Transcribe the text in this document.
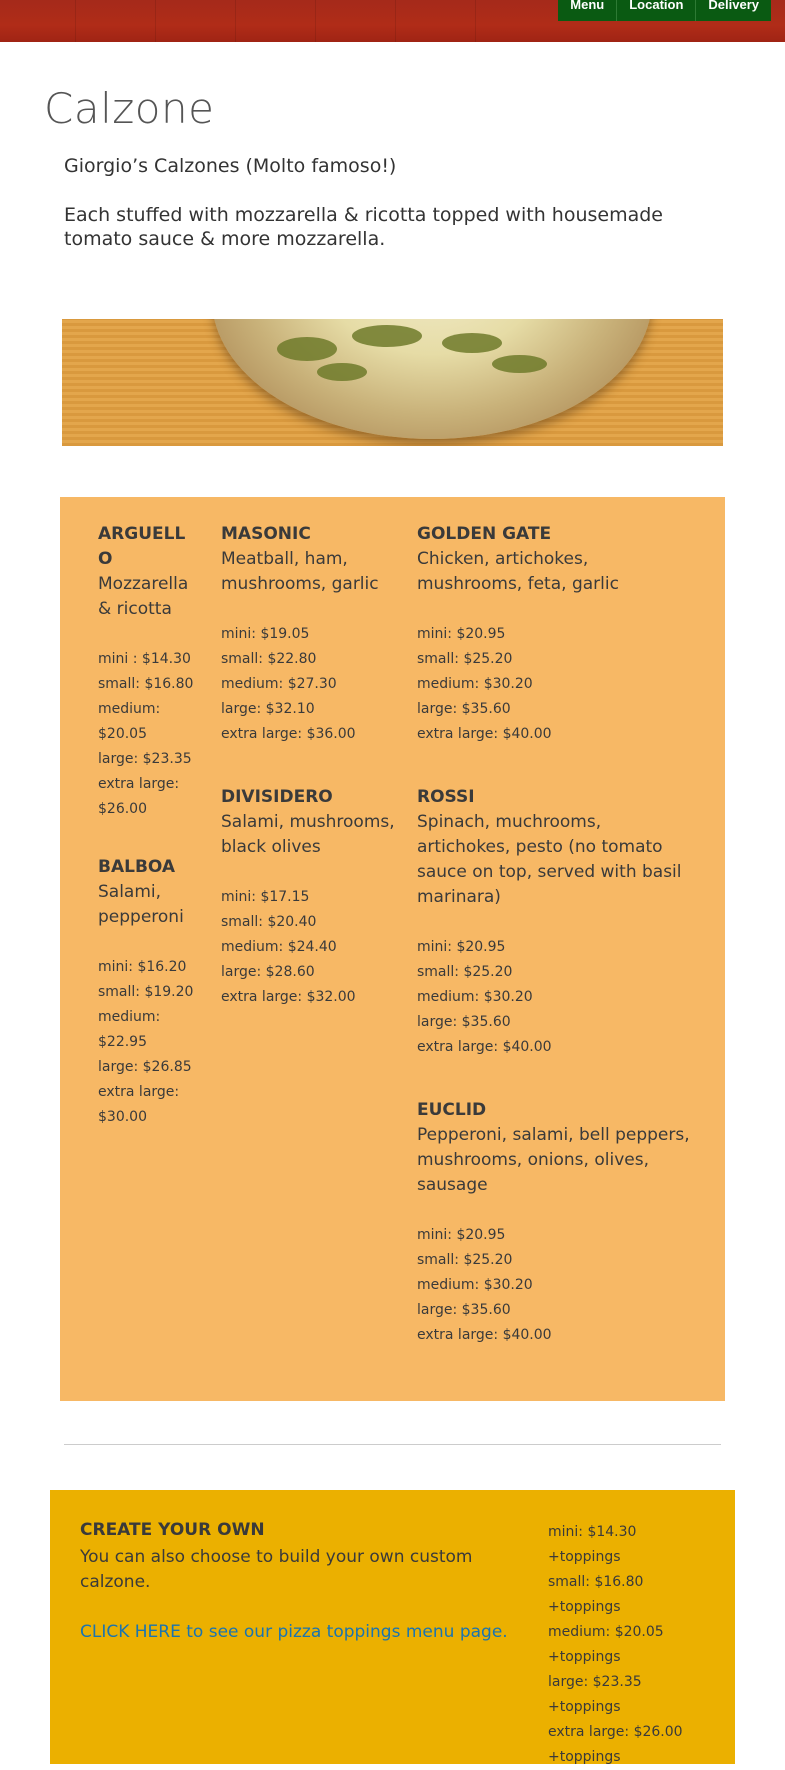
Menu	Location	Delivery
Calzone
Giorgio’s Calzones (Molto famoso!)
Each stuffed with mozzarella & ricotta topped with housemade tomato sauce & more mozzarella.
ARGUELLO
Mozzarella & ricotta
mini : $14.30
small: $16.80
medium: $20.05
large: $23.35
extra large: $26.00
BALBOA
Salami, pepperoni
mini: $16.20
small: $19.20
medium: $22.95
large: $26.85
extra large: $30.00
MASONIC
Meatball, ham, mushrooms, garlic
mini: $19.05
small: $22.80
medium: $27.30
large: $32.10
extra large: $36.00
DIVISIDERO
Salami, mushrooms, black olives
mini: $17.15
small: $20.40
medium: $24.40
large: $28.60
extra large: $32.00
GOLDEN GATE
Chicken, artichokes, mushrooms, feta, garlic
mini: $20.95
small: $25.20
medium: $30.20
large: $35.60
extra large: $40.00
ROSSI
Spinach, muchrooms, artichokes, pesto (no tomato sauce on top, served with basil marinara)
mini: $20.95
small: $25.20
medium: $30.20
large: $35.60
extra large: $40.00
EUCLID
Pepperoni, salami, bell peppers, mushrooms, onions, olives, sausage
mini: $20.95
small: $25.20
medium: $30.20
large: $35.60
extra large: $40.00
CREATE YOUR OWN
You can also choose to build your own custom calzone.
CLICK HERE to see our pizza toppings menu page.
mini: $14.30
+toppings
small: $16.80
+toppings
medium: $20.05
+toppings
large: $23.35
+toppings
extra large: $26.00
+toppings
